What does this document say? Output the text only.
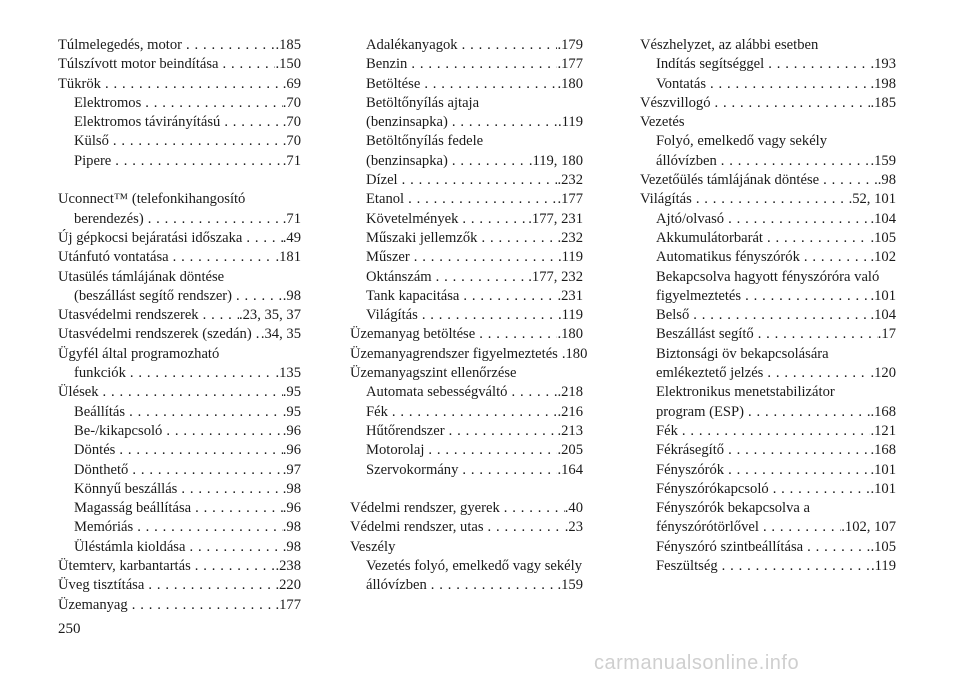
Túlmelegedés, motor . . .	.185
Túlszívott motor beindítása . . .	.150
Tükrök . . .	.69
Elektromos . . .	.70
Elektromos távirányítású . . .	.70
Külső . . .	.70
Pipere . . .	.71
Uconnect™ (telefonkihangosító
berendezés) . . .	.71
Új gépkocsi bejáratási időszaka . . .	.49
Utánfutó vontatása . . .	.181
Utasülés támlájának döntése
(beszállást segítő rendszer) . . .	.98
Utasvédelmi rendszerek . . .	.23, 35, 37
Utasvédelmi rendszerek (szedán) . . . .34, 35
Ügyfél által programozható
funkciók . . .	.135
Ülések . . .	.95
Beállítás . . .	.95
Be-/kikapcsoló . . .	.96
Döntés . . .	.96
Dönthető . . .	.97
Könnyű beszállás . . .	.98
Magasság beállítása . . .	.96
Memóriás . . .	.98
Üléstámla kioldása . . .	.98
Ütemterv, karbantartás . . .	.238
Üveg tisztítása . . .	.220
Üzemanyag . . .	.177
Adalékanyagok . . .	.179
Benzin . . .	.177
Betöltése . . .	.180
Betöltőnyílás ajtaja
(benzinsapka) . . .	.119
Betöltőnyílás fedele
(benzinsapka) . . .	.119, 180
Dízel . . .	.232
Etanol . . .	.177
Követelmények . . .	.177, 231
Műszaki jellemzők . . .	.232
Műszer . . .	.119
Oktánszám . . .	.177, 232
Tank kapacitása . . .	.231
Világítás . . .	.119
Üzemanyag betöltése . . .	.180
Üzemanyagrendszer figyelmeztetés . . . .180
Üzemanyagszint ellenőrzése
Automata sebességváltó . . .	.218
Fék . . .	.216
Hűtőrendszer . . .	.213
Motorolaj . . .	.205
Szervokormány . . .	.164
Védelmi rendszer, gyerek . . .	.40
Védelmi rendszer, utas . . .	.23
Veszély
Vezetés folyó, emelkedő vagy sekély
állóvízben . . .	.159
Vészhelyzet, az alábbi esetben
Indítás segítséggel . . .	.193
Vontatás . . .	.198
Vészvillogó . . .	.185
Vezetés
Folyó, emelkedő vagy sekély
állóvízben . . .	.159
Vezetőülés támlájának döntése . . .	.98
Világítás . . .	.52, 101
Ajtó/olvasó . . .	.104
Akkumulátorbarát . . .	.105
Automatikus fényszórók . . .	.102
Bekapcsolva hagyott fényszóróra való
figyelmeztetés . . .	.101
Belső . . .	.104
Beszállást segítő . . .	.17
Biztonsági öv bekapcsolására
emlékeztető jelzés . . .	.120
Elektronikus menetstabilizátor
program (ESP) . . .	.168
Fék . . .	.121
Fékrásegítő . . .	.168
Fényszórók . . .	.101
Fényszórókapcsoló . . .	.101
Fényszórók bekapcsolva a
fényszórótörlővel . . .	.102, 107
Fényszóró szintbeállítása . . .	.105
Feszültség . . .	.119
250
carmanualsonline.info
